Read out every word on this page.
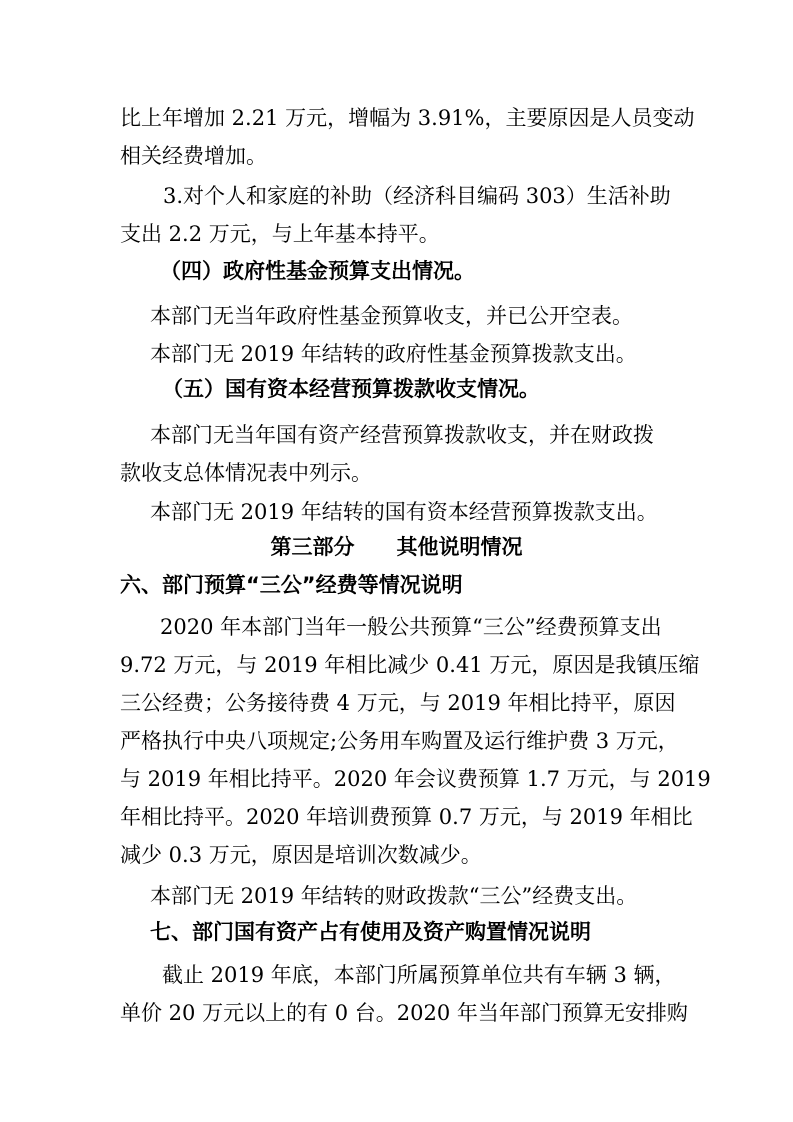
比上年增加 2.21 万元，增幅为 3.91%，主要原因是人员变动

相关经费增加。

3.对个人和家庭的补助（经济科目编码 303）生活补助

支出 2.2 万元，与上年基本持平。

（四）政府性基金预算支出情况。

本部门无当年政府性基金预算收支，并已公开空表。

本部门无 2019 年结转的政府性基金预算拨款支出。

（五）国有资本经营预算拨款收支情况。

本部门无当年国有资产经营预算拨款收支，并在财政拨

款收支总体情况表中列示。

本部门无 2019 年结转的国有资本经营预算拨款支出。

第三部分　　其他说明情况

六、部门预算“三公”经费等情况说明

2020 年本部门当年一般公共预算“三公”经费预算支出

9.72 万元，与 2019 年相比减少 0.41 万元，原因是我镇压缩

三公经费；公务接待费 4 万元，与 2019 年相比持平，原因

严格执行中央八项规定;公务用车购置及运行维护费 3 万元，

与 2019 年相比持平。2020 年会议费预算 1.7 万元，与 2019

年相比持平。2020 年培训费预算 0.7 万元，与 2019 年相比

减少 0.3 万元，原因是培训次数减少。

本部门无 2019 年结转的财政拨款“三公”经费支出。

七、部门国有资产占有使用及资产购置情况说明

截止 2019 年底，本部门所属预算单位共有车辆 3 辆，

单价 20 万元以上的有 0 台。2020 年当年部门预算无安排购
